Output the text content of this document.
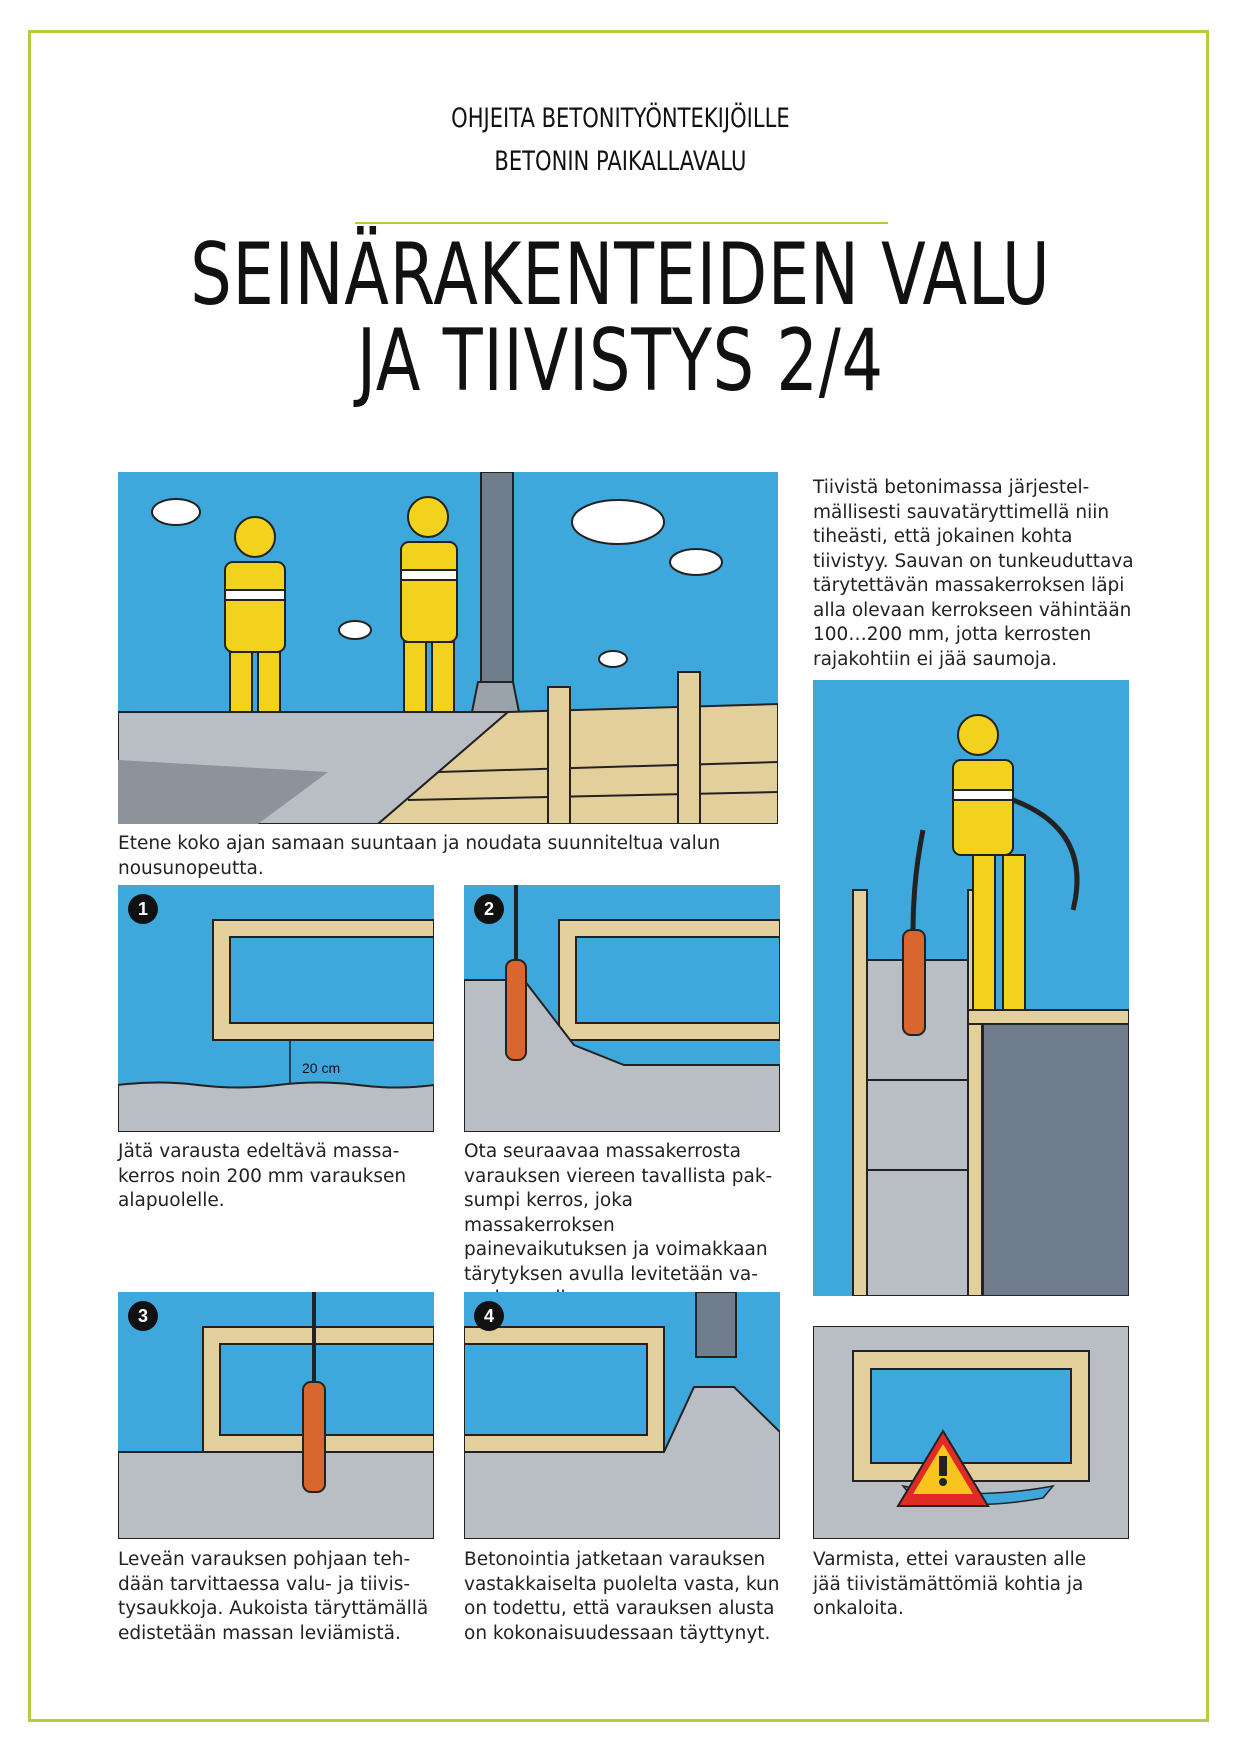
OHJEITA BETONITYÖNTEKIJÖILLE
BETONIN PAIKALLAVALU
SEINÄRAKENTEIDEN VALU
JA TIIVISTYS 2/4
Etene koko ajan samaan suuntaan ja noudata suunniteltua valun
nousunopeutta.
Tiivistä betonimassa järjestel-
mällisesti sauvatäryttimellä niin
tiheästi, että jokainen kohta
tiivistyy. Sauvan on tunkeuduttava
tärytettävän massakerroksen läpi
alla olevaan kerrokseen vähintään
100…200 mm, jotta kerrosten
rajakohtiin ei jää saumoja.
20 cm
1
Jätä varausta edeltävä massa-
kerros noin 200 mm varauksen
alapuolelle.
2
Ota seuraavaa massakerrosta
varauksen viereen tavallista pak-
sumpi kerros, joka massakerroksen
painevaikutuksen ja voimakkaan
tärytyksen avulla levitetään va-

3
Leveän varauksen pohjaan teh-
dään tarvittaessa valu- ja tiivis-
tysaukkoja. Aukoista täryttämällä
edistetään massan leviämistä.
4
Betonointia jatketaan varauksen
vastakkaiselta puolelta vasta, kun
on todettu, että varauksen alusta
on kokonaisuudessaan täyttynyt.
Varmista, ettei varausten alle
jää tiivistämättömiä kohtia ja
onkaloita.
